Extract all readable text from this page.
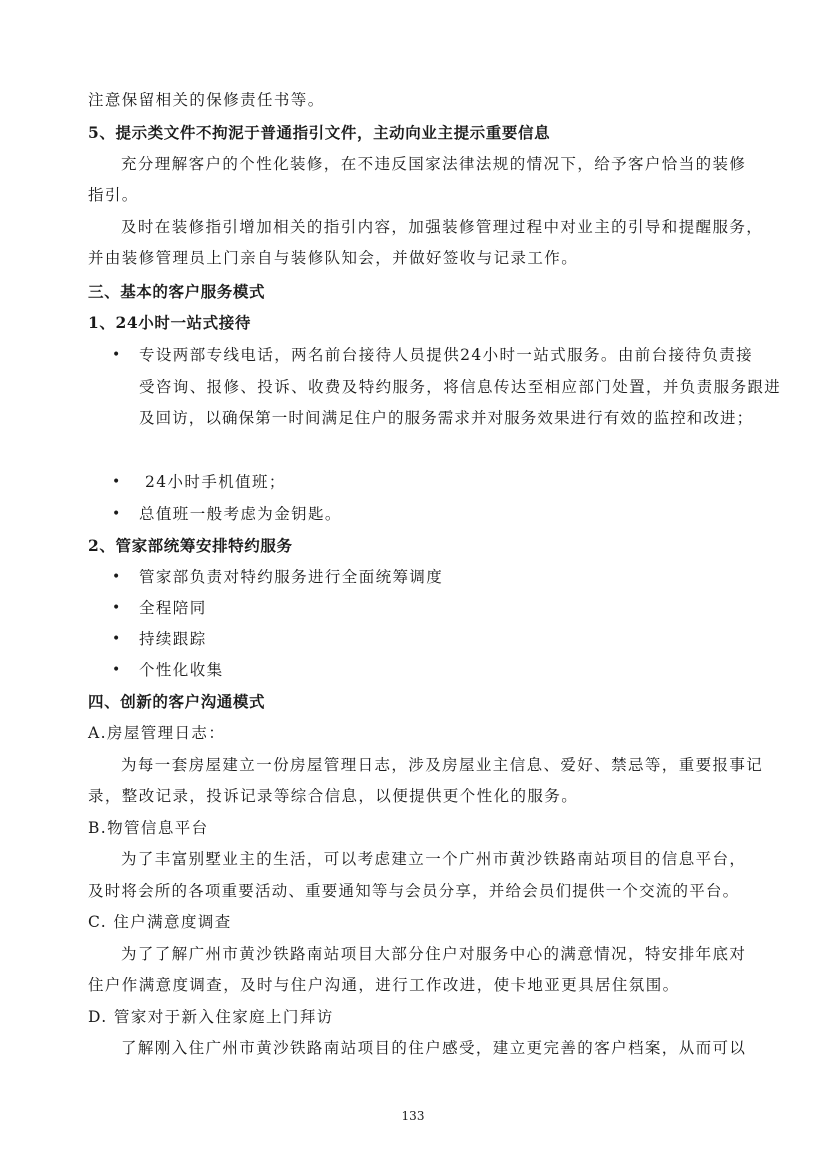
注意保留相关的保修责任书等。
5、提示类文件不拘泥于普通指引文件，主动向业主提示重要信息
充分理解客户的个性化装修，在不违反国家法律法规的情况下，给予客户恰当的装修
指引。
及时在装修指引增加相关的指引内容，加强装修管理过程中对业主的引导和提醒服务，
并由装修管理员上门亲自与装修队知会，并做好签收与记录工作。
三、基本的客户服务模式
1、24小时一站式接待
• 专设两部专线电话，两名前台接待人员提供24小时一站式服务。由前台接待负责接
受咨询、报修、投诉、收费及特约服务，将信息传达至相应部门处置，并负责服务跟进
及回访，以确保第一时间满足住户的服务需求并对服务效果进行有效的监控和改进；
• 24小时手机值班；
• 总值班一般考虑为金钥匙。
2、管家部统筹安排特约服务
• 管家部负责对特约服务进行全面统筹调度
• 全程陪同
• 持续跟踪
• 个性化收集
四、创新的客户沟通模式
A.房屋管理日志：
为每一套房屋建立一份房屋管理日志，涉及房屋业主信息、爱好、禁忌等，重要报事记
录，整改记录，投诉记录等综合信息，以便提供更个性化的服务。
B.物管信息平台
为了丰富别墅业主的生活，可以考虑建立一个广州市黄沙铁路南站项目的信息平台，
及时将会所的各项重要活动、重要通知等与会员分享，并给会员们提供一个交流的平台。
C. 住户满意度调查
为了了解广州市黄沙铁路南站项目大部分住户对服务中心的满意情况，特安排年底对
住户作满意度调查，及时与住户沟通，进行工作改进，使卡地亚更具居住氛围。
D. 管家对于新入住家庭上门拜访
了解刚入住广州市黄沙铁路南站项目的住户感受，建立更完善的客户档案，从而可以
133
